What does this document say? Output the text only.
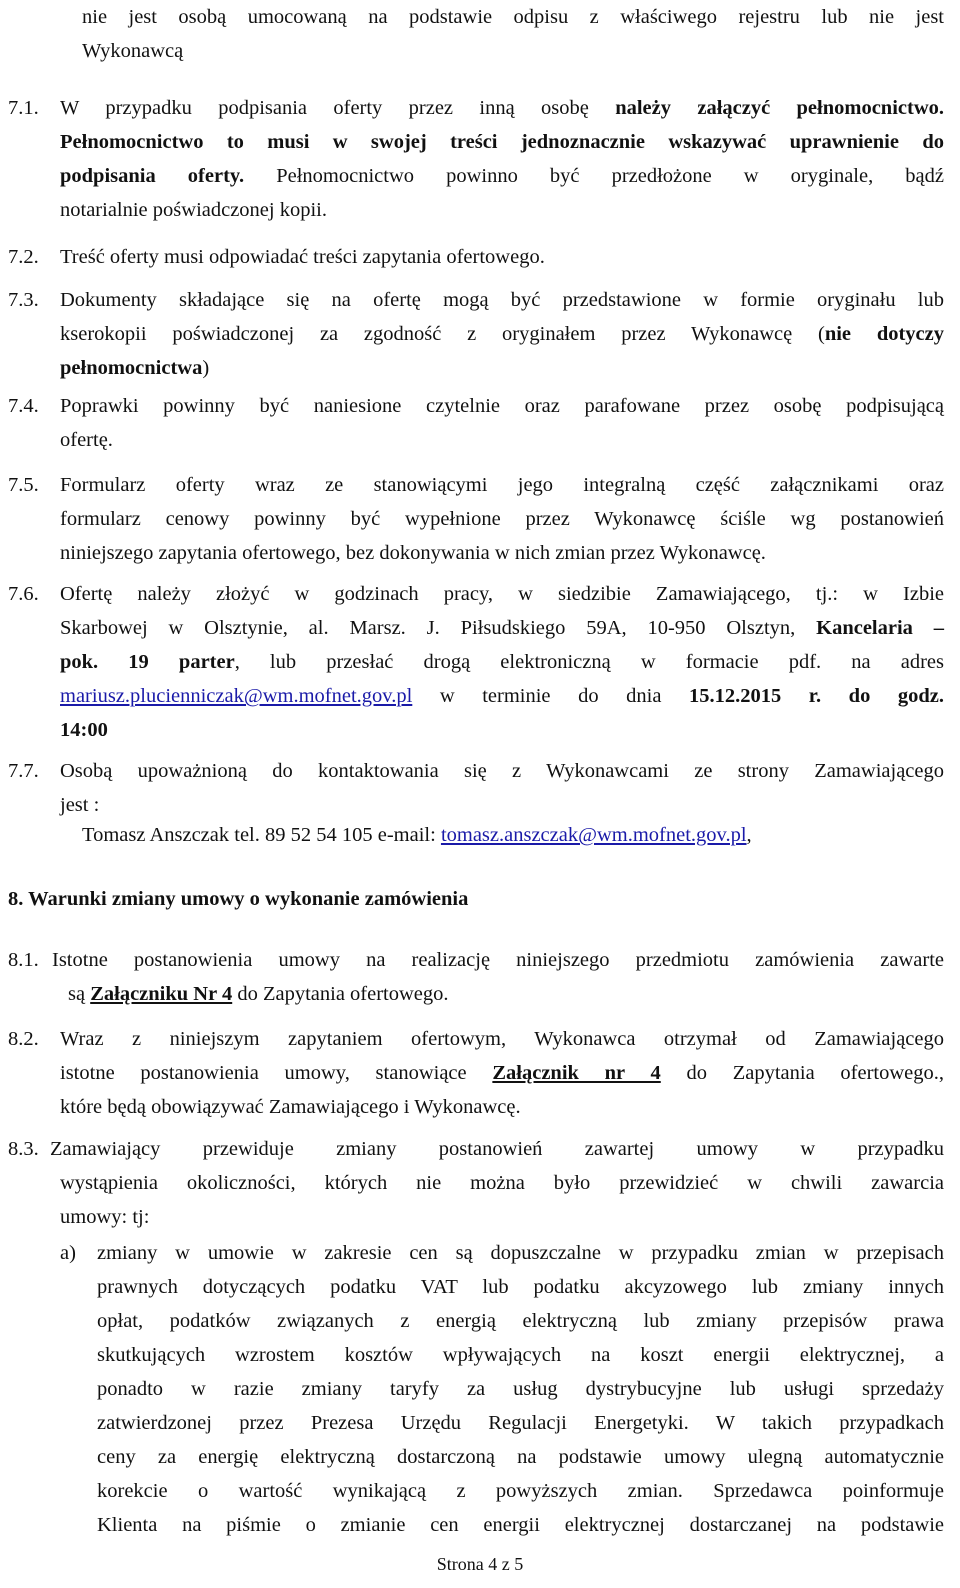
nie jest osobą umocowaną na podstawie odpisu z właściwego rejestru lub nie jest
Wykonawcą
7.1. W przypadku podpisania oferty przez inną osobę należy załączyć pełnomocnictwo.
Pełnomocnictwo to musi w swojej treści jednoznacznie wskazywać uprawnienie do
podpisania oferty. Pełnomocnictwo powinno być przedłożone w oryginale, bądź
notarialnie poświadczonej kopii.
7.2. Treść oferty musi odpowiadać treści zapytania ofertowego.
7.3. Dokumenty składające się na ofertę mogą być przedstawione w formie oryginału lub
kserokopii poświadczonej za zgodność z oryginałem przez Wykonawcę (nie dotyczy
pełnomocnictwa)
7.4. Poprawki powinny być naniesione czytelnie oraz parafowane przez osobę podpisującą
ofertę.
7.5. Formularz oferty wraz ze stanowiącymi jego integralną część załącznikami oraz
formularz cenowy powinny być wypełnione przez Wykonawcę ściśle wg postanowień
niniejszego zapytania ofertowego, bez dokonywania w nich zmian przez Wykonawcę.
7.6. Ofertę należy złożyć w godzinach pracy, w siedzibie Zamawiającego, tj.: w Izbie
Skarbowej w Olsztynie, al. Marsz. J. Piłsudskiego 59A, 10-950 Olsztyn, Kancelaria –
pok. 19 parter, lub przesłać drogą elektroniczną w formacie pdf. na adres
mariusz.plucienniczak@wm.mofnet.gov.pl w terminie do dnia 15.12.2015 r. do godz.
14:00
7.7. Osobą upoważnioną do kontaktowania się z Wykonawcami ze strony Zamawiającego
jest :
Tomasz Anszczak tel. 89 52 54 105 e-mail: tomasz.anszczak@wm.mofnet.gov.pl,
8. Warunki zmiany umowy o wykonanie zamówienia
8.1. Istotne postanowienia umowy na realizację niniejszego przedmiotu zamówienia zawarte
są Załączniku Nr 4 do Zapytania ofertowego.
8.2. Wraz z niniejszym zapytaniem ofertowym, Wykonawca otrzymał od Zamawiającego
istotne postanowienia umowy, stanowiące Załącznik nr 4 do Zapytania ofertowego.,
które będą obowiązywać Zamawiającego i Wykonawcę.
8.3. Zamawiający przewiduje zmiany postanowień zawartej umowy w przypadku
wystąpienia okoliczności, których nie można było przewidzieć w chwili zawarcia
umowy: tj:
a) zmiany w umowie w zakresie cen są dopuszczalne w przypadku zmian w przepisach
prawnych dotyczących podatku VAT lub podatku akcyzowego lub zmiany innych
opłat, podatków związanych z energią elektryczną lub zmiany przepisów prawa
skutkujących wzrostem kosztów wpływających na koszt energii elektrycznej, a
ponadto w razie zmiany taryfy za usług dystrybucyjne lub usługi sprzedaży
zatwierdzonej przez Prezesa Urzędu Regulacji Energetyki. W takich przypadkach
ceny za energię elektryczną dostarczoną na podstawie umowy ulegną automatycznie
korekcie o wartość wynikającą z powyższych zmian. Sprzedawca poinformuje
Klienta na piśmie o zmianie cen energii elektrycznej dostarczanej na podstawie
Strona 4 z 5
